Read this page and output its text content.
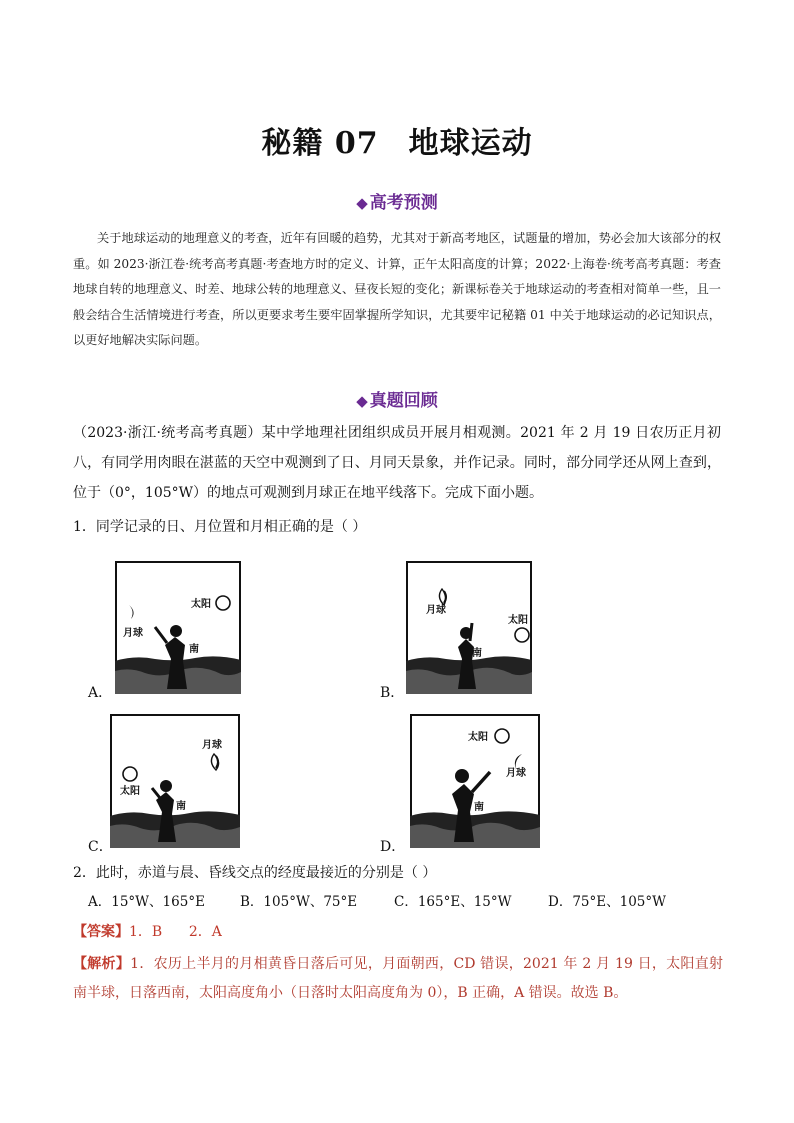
秘籍 07 地球运动
◆ 高考预测
关于地球运动的地理意义的考查，近年有回暖的趋势，尤其对于新高考地区，试题量的增加，势必会加大该部分的权重。如 2023·浙江卷·统考高考真题·考查地方时的定义、计算，正午太阳高度的计算；2022·上海卷·统考高考真题：考查地球自转的地理意义、时差、地球公转的地理意义、昼夜长短的变化；新课标卷关于地球运动的考查相对简单一些，且一般会结合生活情境进行考查，所以更要求考生要牢固掌握所学知识，尤其要牢记秘籍 01 中关于地球运动的必记知识点，以更好地解决实际问题。
◆ 真题回顾
（2023·浙江·统考高考真题）某中学地理社团组织成员开展月相观测。2021 年 2 月 19 日农历正月初八，有同学用肉眼在湛蓝的天空中观测到了日、月同天景象，并作记录。同时，部分同学还从网上查到，位于（0°，105°W）的地点可观测到月球正在地平线落下。完成下面小题。
1．同学记录的日、月位置和月相正确的是（ ）
太阳
月球
南
A．
月球
太阳
南
B．
月球
太阳
南
C．
太阳
月球
南
D．
2．此时，赤道与晨、昏线交点的经度最接近的分别是（ ）
A．15°W、165°E	B．105°W、75°E	C．165°E、15°W	D．75°E、105°W
【答案】1．B      2．A
【解析】1．农历上半月的月相黄昏日落后可见，月面朝西，CD 错误，2021 年 2 月 19 日，太阳直射南半球，日落西南，太阳高度角小（日落时太阳高度角为 0），B 正确，A 错误。故选 B。
